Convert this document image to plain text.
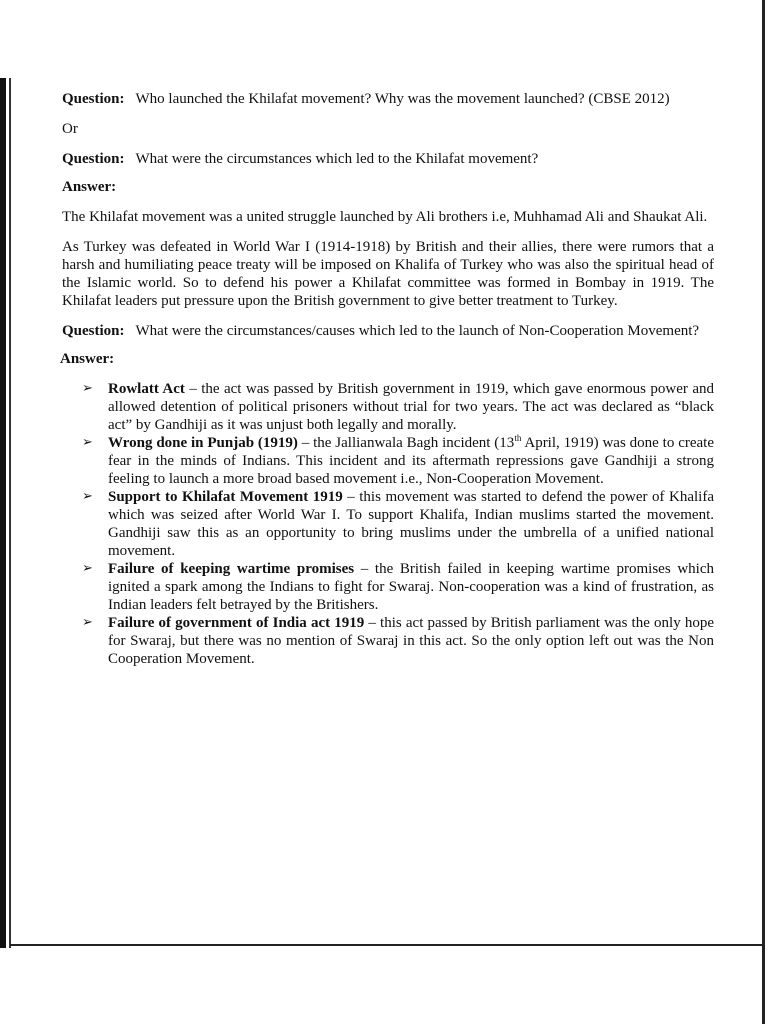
Question: Who launched the Khilafat movement? Why was the movement launched? (CBSE 2012)

Or

Question: What were the circumstances which led to the Khilafat movement?

Answer:

The Khilafat movement was a united struggle launched by Ali brothers i.e, Muhhamad Ali and Shaukat Ali.

As Turkey was defeated in World War I (1914-1918) by British and their allies, there were rumors that a harsh and humiliating peace treaty will be imposed on Khalifa of Turkey who was also the spiritual head of the Islamic world. So to defend his power a Khilafat committee was formed in Bombay in 1919. The Khilafat leaders put pressure upon the British government to give better treatment to Turkey.

Question: What were the circumstances/causes which led to the launch of Non-Cooperation Movement?

Answer:

➢ Rowlatt Act – the act was passed by British government in 1919, which gave enormous power and allowed detention of political prisoners without trial for two years. The act was declared as “black act” by Gandhiji as it was unjust both legally and morally.
➢ Wrong done in Punjab (1919) – the Jallianwala Bagh incident (13th April, 1919) was done to create fear in the minds of Indians. This incident and its aftermath repressions gave Gandhiji a strong feeling to launch a more broad based movement i.e., Non-Cooperation Movement.
➢ Support to Khilafat Movement 1919 – this movement was started to defend the power of Khalifa which was seized after World War I. To support Khalifa, Indian muslims started the movement. Gandhiji saw this as an opportunity to bring muslims under the umbrella of a unified national movement.
➢ Failure of keeping wartime promises – the British failed in keeping wartime promises which ignited a spark among the Indians to fight for Swaraj. Non-cooperation was a kind of frustration, as Indian leaders felt betrayed by the Britishers.
➢ Failure of government of India act 1919 – this act passed by British parliament was the only hope for Swaraj, but there was no mention of Swaraj in this act. So the only option left out was the Non Cooperation Movement.
